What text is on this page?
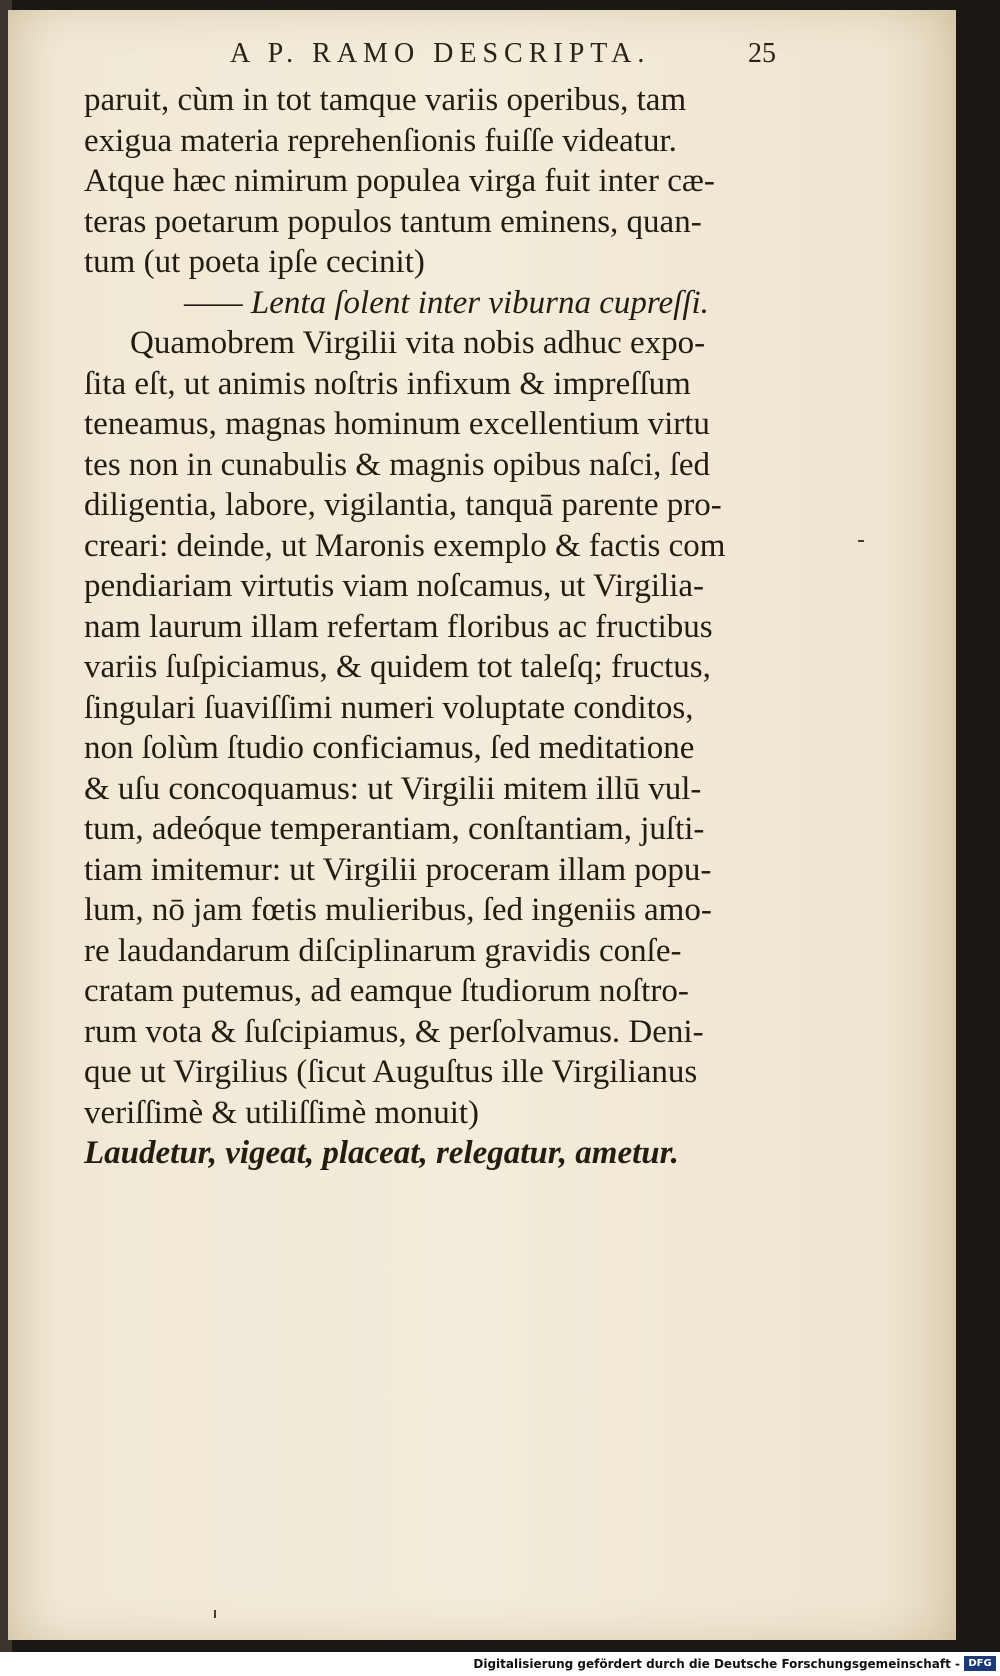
A P. RAMO DESCRIPTA.	25
paruit, cùm in tot tamque variis operibus, tam
exigua materia reprehenſionis fuiſſe videatur.
Atque hæc nimirum populea virga fuit inter cæ-
teras poetarum populos tantum eminens, quan-
tum (ut poeta ipſe cecinit)
—— Lenta ſolent inter viburna cupreſſi.
Quamobrem Virgilii vita nobis adhuc expo-
ſita eſt, ut animis noſtris infixum & impreſſum
teneamus, magnas hominum excellentium virtu
tes non in cunabulis & magnis opibus naſci, ſed
diligentia, labore, vigilantia, tanquā parente pro-
creari: deinde, ut Maronis exemplo & factis com
pendiariam virtutis viam noſcamus, ut Virgilia-
nam laurum illam refertam floribus ac fructibus
variis ſuſpiciamus, & quidem tot taleſq; fructus,
ſingulari ſuaviſſimi numeri voluptate conditos,
non ſolùm ſtudio conficiamus, ſed meditatione
& uſu concoquamus: ut Virgilii mitem illū vul-
tum, adeóque temperantiam, conſtantiam, juſti-
tiam imitemur: ut Virgilii proceram illam popu-
lum, nō jam fœtis mulieribus, ſed ingeniis amo-
re laudandarum diſciplinarum gravidis conſe-
cratam putemus, ad eamque ſtudiorum noſtro-
rum vota & ſuſcipiamus, & perſolvamus. Deni-
que ut Virgilius (ſicut Auguſtus ille Virgilianus
veriſſimè & utiliſſimè monuit)
Laudetur, vigeat, placeat, relegatur, ametur.
Digitalisierung gefördert durch die Deutsche Forschungsgemeinschaft - DFG
